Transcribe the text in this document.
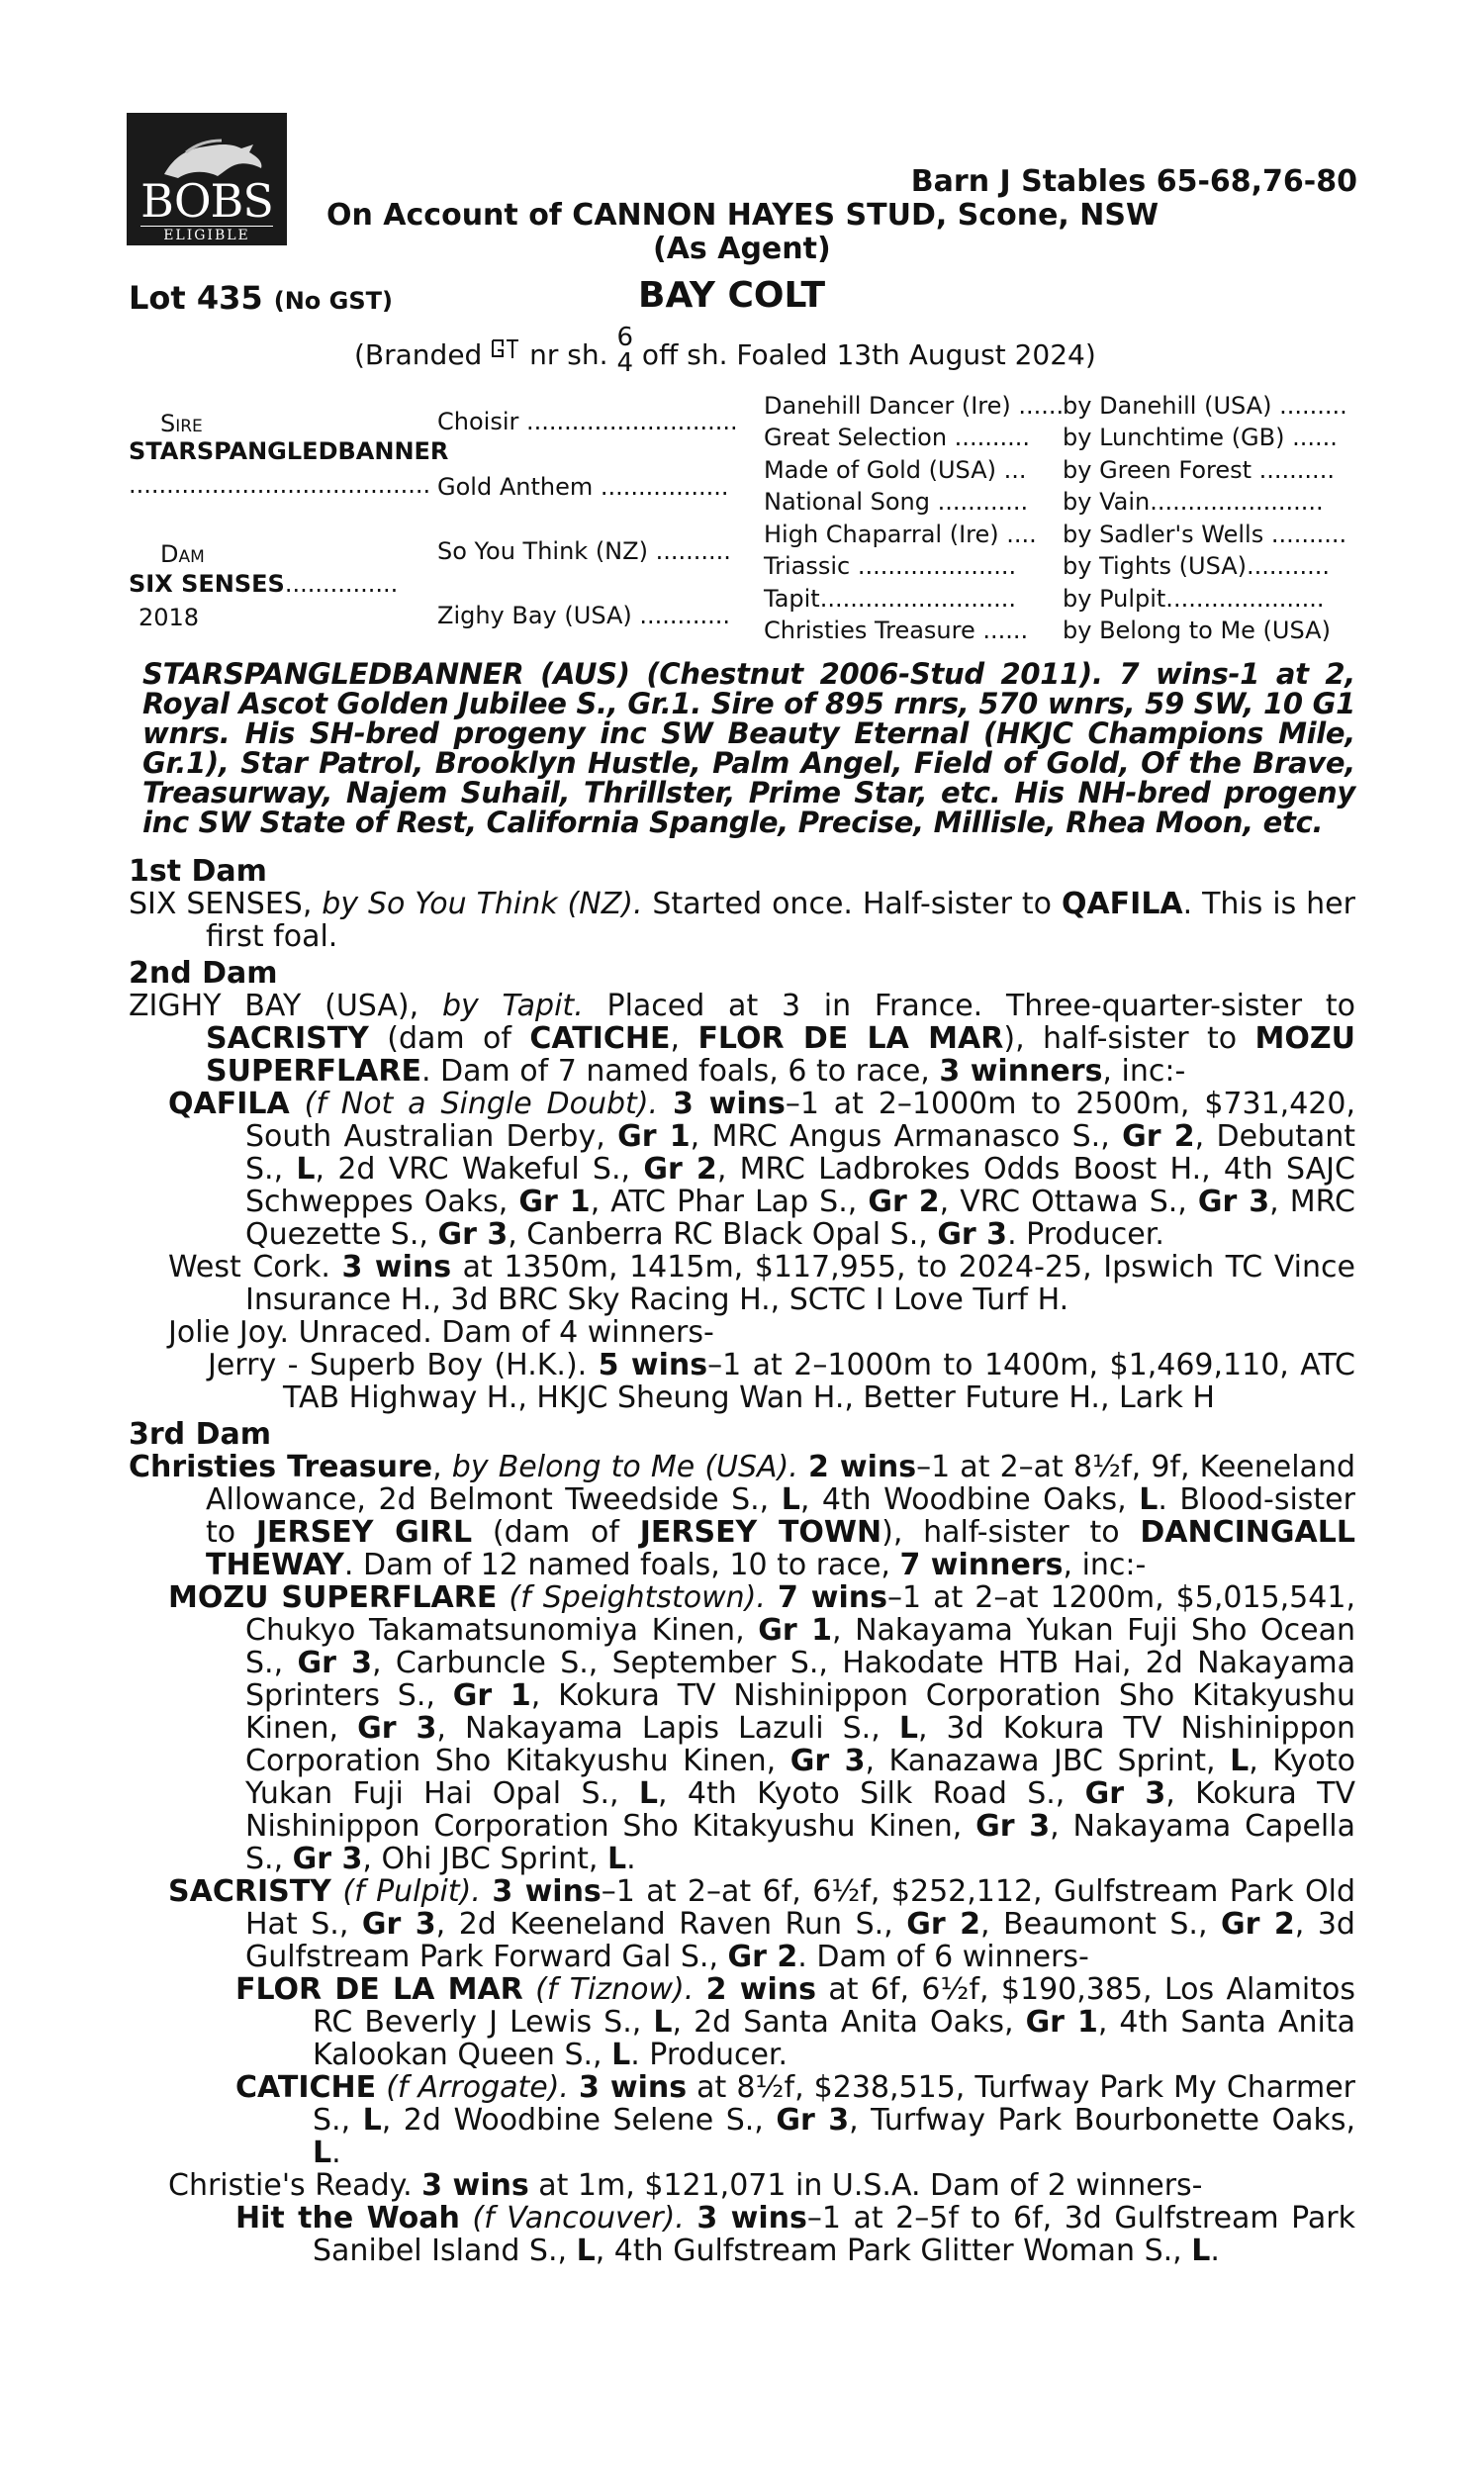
BOBS
ELIGIBLE
Barn J Stables 65-68,76-80
On Account of CANNON HAYES STUD, Scone, NSW
(As Agent)
Lot 435 (No GST)	BAY COLT
(Branded nr sh. 6
4 off sh. Foaled 13th August 2024)
Sire
STARSPANGLEDBANNER
........................................
Dam
SIX SENSES...............
2018
Choisir ............................
Gold Anthem .................
So You Think (NZ) ..........
Zighy Bay (USA) ............
Danehill Dancer (Ire) ......
Great Selection ..........
Made of Gold (USA) ...
National Song ............
High Chaparral (Ire) ....
Triassic .....................
Tapit..........................
Christies Treasure ......
by Danehill (USA) .........
by Lunchtime (GB) ......
by Green Forest ..........
by Vain.......................
by Sadler's Wells ..........
by Tights (USA)...........
by Pulpit.....................
by Belong to Me (USA)
STARSPANGLEDBANNER (AUS) (Chestnut 2006-Stud 2011). 7 wins-1 at 2, Royal Ascot Golden Jubilee S., Gr.1. Sire of 895 rnrs, 570 wnrs, 59 SW, 10 G1 wnrs. His SH-bred progeny inc SW Beauty Eternal (HKJC Champions Mile, Gr.1), Star Patrol, Brooklyn Hustle, Palm Angel, Field of Gold, Of the Brave, Treasurway, Najem Suhail, Thrillster, Prime Star, etc. His NH-bred progeny inc SW State of Rest, California Spangle, Precise, Millisle, Rhea Moon, etc.

1st Dam

SIX SENSES, by So You Think (NZ). Started once. Half-sister to QAFILA. This is her first foal.

2nd Dam

ZIGHY BAY (USA), by Tapit. Placed at 3 in France. Three-quarter-sister to SACRISTY (dam of CATICHE, FLOR DE LA MAR), half-sister to MOZU SUPERFLARE. Dam of 7 named foals, 6 to race, 3 winners, inc:-

QAFILA (f Not a Single Doubt). 3 wins–1 at 2–1000m to 2500m, $731,420, South Australian Derby, Gr 1, MRC Angus Armanasco S., Gr 2, Debutant S., L, 2d VRC Wakeful S., Gr 2, MRC Ladbrokes Odds Boost H., 4th SAJC Schweppes Oaks, Gr 1, ATC Phar Lap S., Gr 2, VRC Ottawa S., Gr 3, MRC Quezette S., Gr 3, Canberra RC Black Opal S., Gr 3. Producer.

West Cork. 3 wins at 1350m, 1415m, $117,955, to 2024-25, Ipswich TC Vince Insurance H., 3d BRC Sky Racing H., SCTC I Love Turf H.

Jolie Joy. Unraced. Dam of 4 winners-

Jerry - Superb Boy (H.K.). 5 wins–1 at 2–1000m to 1400m, $1,469,110, ATC TAB Highway H., HKJC Sheung Wan H., Better Future H., Lark H

3rd Dam

Christies Treasure, by Belong to Me (USA). 2 wins–1 at 2–at 8½f, 9f, Keeneland Allowance, 2d Belmont Tweedside S., L, 4th Woodbine Oaks, L. Blood-sister to JERSEY GIRL (dam of JERSEY TOWN), half-sister to DANCINGALL THEWAY. Dam of 12 named foals, 10 to race, 7 winners, inc:-

MOZU SUPERFLARE (f Speightstown). 7 wins–1 at 2–at 1200m, $5,015,541, Chukyo Takamatsunomiya Kinen, Gr 1, Nakayama Yukan Fuji Sho Ocean S., Gr 3, Carbuncle S., September S., Hakodate HTB Hai, 2d Nakayama Sprinters S., Gr 1, Kokura TV Nishinippon Corporation Sho Kitakyushu Kinen, Gr 3, Nakayama Lapis Lazuli S., L, 3d Kokura TV Nishinippon Corporation Sho Kitakyushu Kinen, Gr 3, Kanazawa JBC Sprint, L, Kyoto Yukan Fuji Hai Opal S., L, 4th Kyoto Silk Road S., Gr 3, Kokura TV Nishinippon Corporation Sho Kitakyushu Kinen, Gr 3, Nakayama Capella S., Gr 3, Ohi JBC Sprint, L.

SACRISTY (f Pulpit). 3 wins–1 at 2–at 6f, 6½f, $252,112, Gulfstream Park Old Hat S., Gr 3, 2d Keeneland Raven Run S., Gr 2, Beaumont S., Gr 2, 3d Gulfstream Park Forward Gal S., Gr 2. Dam of 6 winners-

FLOR DE LA MAR (f Tiznow). 2 wins at 6f, 6½f, $190,385, Los Alamitos RC Beverly J Lewis S., L, 2d Santa Anita Oaks, Gr 1, 4th Santa Anita Kalookan Queen S., L. Producer.

CATICHE (f Arrogate). 3 wins at 8½f, $238,515, Turfway Park My Charmer S., L, 2d Woodbine Selene S., Gr 3, Turfway Park Bourbonette Oaks, L.

Christie's Ready. 3 wins at 1m, $121,071 in U.S.A. Dam of 2 winners-

Hit the Woah (f Vancouver). 3 wins–1 at 2–5f to 6f, 3d Gulfstream Park Sanibel Island S., L, 4th Gulfstream Park Glitter Woman S., L.
